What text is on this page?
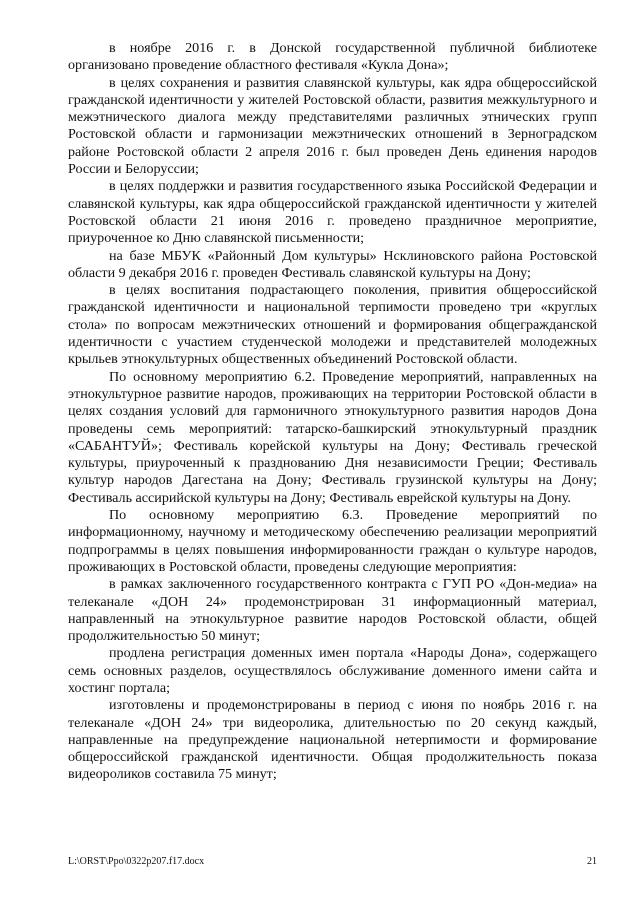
в ноябре 2016 г. в Донской государственной публичной библиотеке организовано проведение областного фестиваля «Кукла Дона»;

в целях сохранения и развития славянской культуры, как ядра общероссийской гражданской идентичности у жителей Ростовской области, развития межкультурного и межэтнического диалога между представителями различных этнических групп Ростовской области и гармонизации межэтнических отношений в Зерноградском районе Ростовской области 2 апреля 2016 г. был проведен День единения народов России и Белоруссии;

в целях поддержки и развития государственного языка Российской Федерации и славянской культуры, как ядра общероссийской гражданской идентичности у жителей Ростовской области 21 июня 2016 г. проведено праздничное мероприятие, приуроченное ко Дню славянской письменности;

на базе МБУК «Районный Дом культуры» Нсклиновского района Ростовской области 9 декабря 2016 г. проведен Фестиваль славянской культуры на Дону;

в целях воспитания подрастающего поколения, привития общероссийской гражданской идентичности и национальной терпимости проведено три «круглых стола» по вопросам межэтнических отношений и формирования общегражданской идентичности с участием студенческой молодежи и представителей молодежных крыльев этнокультурных общественных объединений Ростовской области.

По основному мероприятию 6.2. Проведение мероприятий, направленных на этнокультурное развитие народов, проживающих на территории Ростовской области в целях создания условий для гармоничного этнокультурного развития народов Дона проведены семь мероприятий: татарско-башкирский этнокультурный праздник «САБАНТУЙ»; Фестиваль корейской культуры на Дону; Фестиваль греческой культуры, приуроченный к празднованию Дня независимости Греции; Фестиваль культур народов Дагестана на Дону; Фестиваль грузинской культуры на Дону; Фестиваль ассирийской культуры на Дону; Фестиваль еврейской культуры на Дону.

По основному мероприятию 6.3. Проведение мероприятий по информационному, научному и методическому обеспечению реализации мероприятий подпрограммы в целях повышения информированности граждан о культуре народов, проживающих в Ростовской области, проведены следующие мероприятия:

в рамках заключенного государственного контракта с ГУП РО «Дон-медиа» на телеканале «ДОН 24» продемонстрирован 31 информационный материал, направленный на этнокультурное развитие народов Ростовской области, общей продолжительностью 50 минут;

продлена регистрация доменных имен портала «Народы Дона», содержащего семь основных разделов, осуществлялось обслуживание доменного имени сайта и хостинг портала;

изготовлены и продемонстрированы в период с июня по ноябрь 2016 г. на телеканале «ДОН 24» три видеоролика, длительностью по 20 секунд каждый, направленные на предупреждение национальной нетерпимости и формирование общероссийской гражданской идентичности. Общая продолжительность показа видеороликов составила 75 минут;

L:\ORST\Ppo\0322p207.f17.docx	21
